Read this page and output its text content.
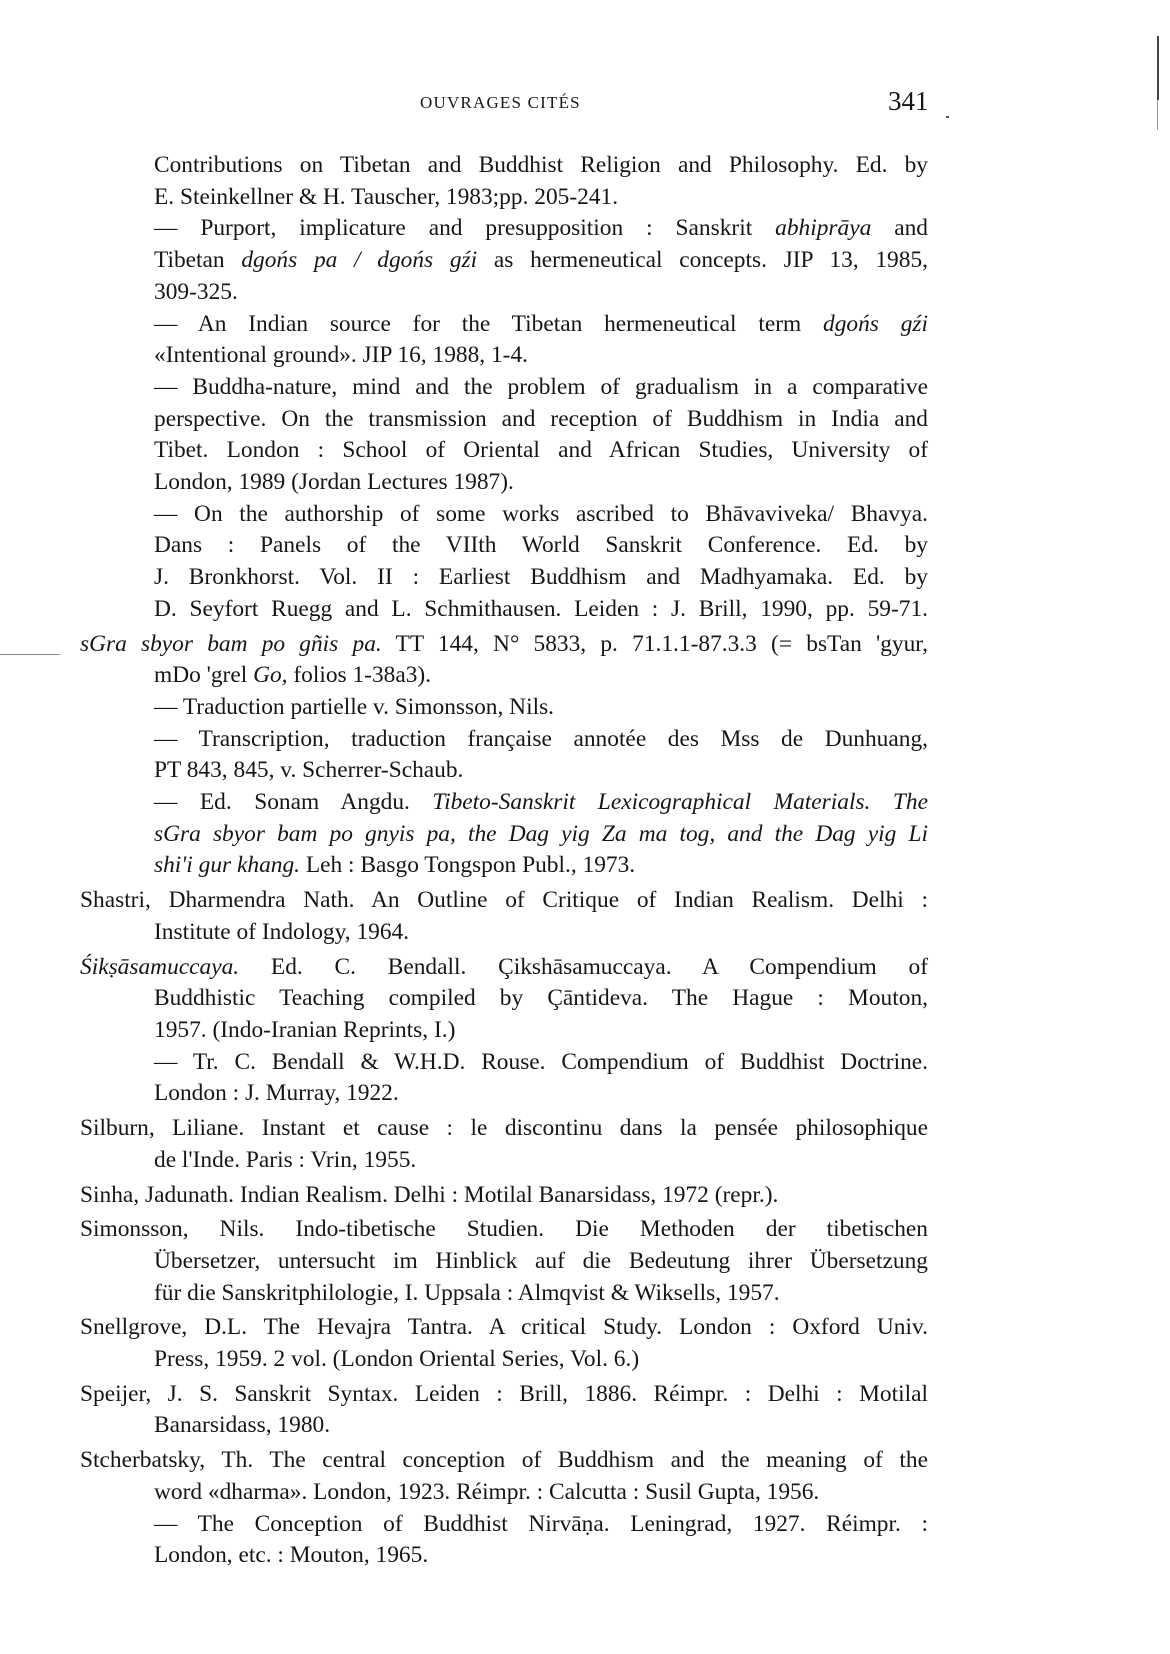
OUVRAGES CITÉS	341
Contributions on Tibetan and Buddhist Religion and Philosophy. Ed. by
E. Steinkellner & H. Tauscher, 1983;pp. 205-241.
— Purport, implicature and presupposition : Sanskrit abhiprāya and
Tibetan dgońs pa / dgońs gźi as hermeneutical concepts. JIP 13, 1985,
309-325.
— An Indian source for the Tibetan hermeneutical term dgońs gźi
«Intentional ground». JIP 16, 1988, 1-4.
— Buddha-nature, mind and the problem of gradualism in a comparative
perspective. On the transmission and reception of Buddhism in India and
Tibet. London : School of Oriental and African Studies, University of
London, 1989 (Jordan Lectures 1987).
— On the authorship of some works ascribed to Bhāvaviveka/ Bhavya.
Dans : Panels of the VIIth World Sanskrit Conference. Ed. by
J. Bronkhorst. Vol. II : Earliest Buddhism and Madhyamaka. Ed. by
D. Seyfort Ruegg and L. Schmithausen. Leiden : J. Brill, 1990, pp. 59-71.
sGra sbyor bam po gñis pa. TT 144, N° 5833, p. 71.1.1-87.3.3 (= bsTan 'gyur,
mDo 'grel Go, folios 1-38a3).
— Traduction partielle v. Simonsson, Nils.
— Transcription, traduction française annotée des Mss de Dunhuang,
PT 843, 845, v. Scherrer-Schaub.
— Ed. Sonam Angdu. Tibeto-Sanskrit Lexicographical Materials. The
sGra sbyor bam po gnyis pa, the Dag yig Za ma tog, and the Dag yig Li
shi'i gur khang. Leh : Basgo Tongspon Publ., 1973.
Shastri, Dharmendra Nath. An Outline of Critique of Indian Realism. Delhi :
Institute of Indology, 1964.
Śikṣāsamuccaya. Ed. C. Bendall. Çikshāsamuccaya. A Compendium of
Buddhistic Teaching compiled by Çāntideva. The Hague : Mouton,
1957. (Indo-Iranian Reprints, I.)
— Tr. C. Bendall & W.H.D. Rouse. Compendium of Buddhist Doctrine.
London : J. Murray, 1922.
Silburn, Liliane. Instant et cause : le discontinu dans la pensée philosophique
de l'Inde. Paris : Vrin, 1955.
Sinha, Jadunath. Indian Realism. Delhi : Motilal Banarsidass, 1972 (repr.).
Simonsson, Nils. Indo-tibetische Studien. Die Methoden der tibetischen
Übersetzer, untersucht im Hinblick auf die Bedeutung ihrer Übersetzung
für die Sanskritphilologie, I. Uppsala : Almqvist & Wiksells, 1957.
Snellgrove, D.L. The Hevajra Tantra. A critical Study. London : Oxford Univ.
Press, 1959. 2 vol. (London Oriental Series, Vol. 6.)
Speijer, J. S. Sanskrit Syntax. Leiden : Brill, 1886. Réimpr. : Delhi : Motilal
Banarsidass, 1980.
Stcherbatsky, Th. The central conception of Buddhism and the meaning of the
word «dharma». London, 1923. Réimpr. : Calcutta : Susil Gupta, 1956.
— The Conception of Buddhist Nirvāṇa. Leningrad, 1927. Réimpr. :
London, etc. : Mouton, 1965.
